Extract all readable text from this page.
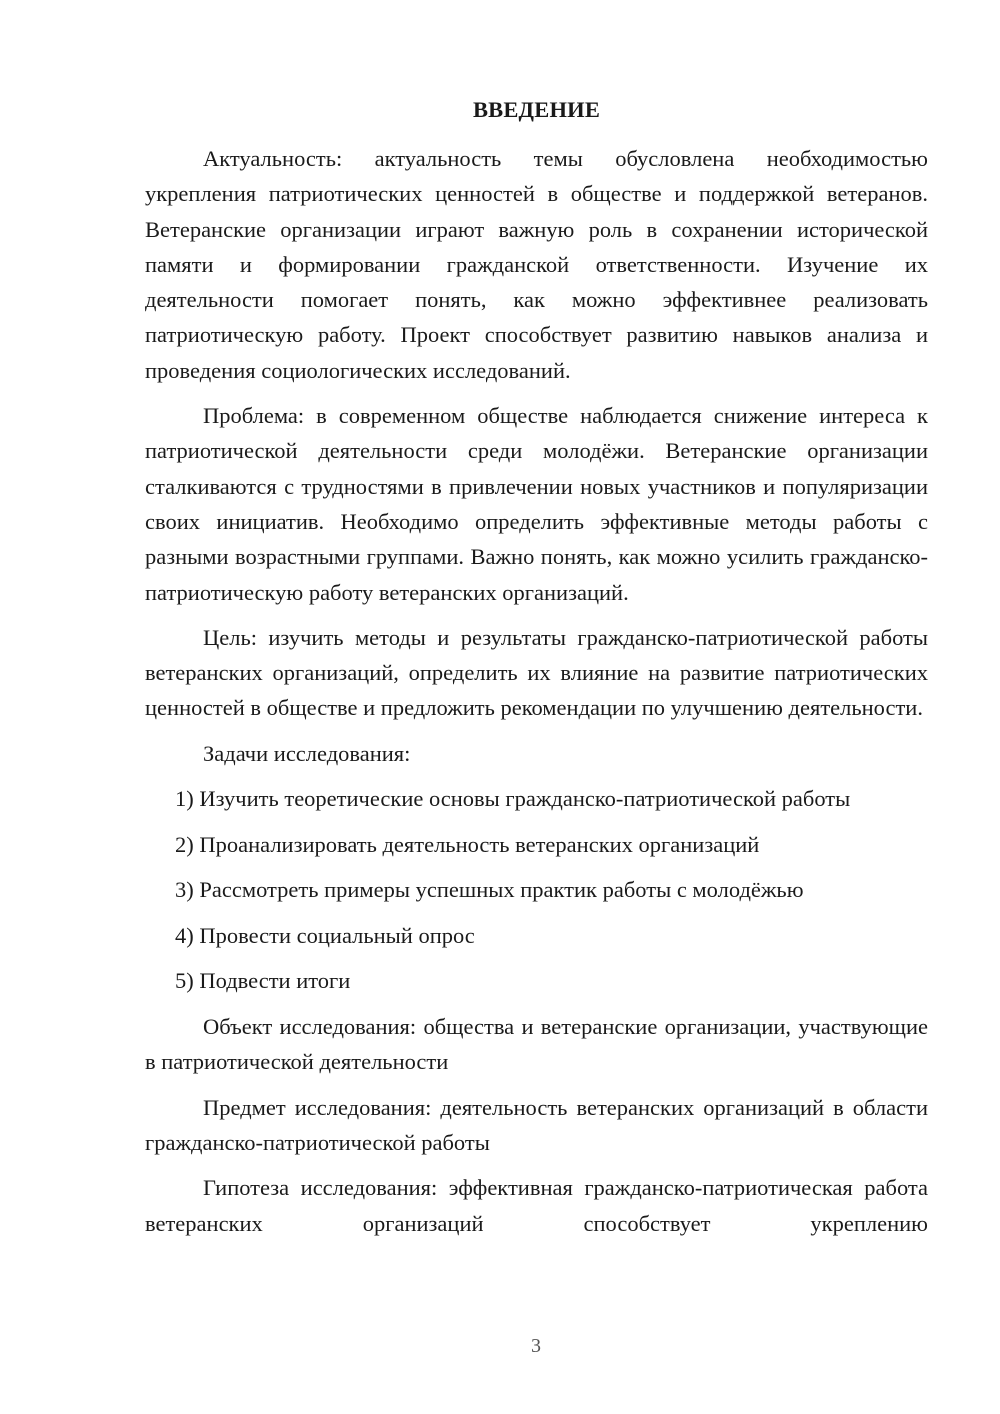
ВВЕДЕНИЕ

Актуальность: актуальность темы обусловлена необходимостью укрепления патриотических ценностей в обществе и поддержкой ветеранов. Ветеранские организации играют важную роль в сохранении исторической памяти и формировании гражданской ответственности. Изучение их деятельности помогает понять, как можно эффективнее реализовать патриотическую работу. Проект способствует развитию навыков анализа и проведения социологических исследований.

Проблема: в современном обществе наблюдается снижение интереса к патриотической деятельности среди молодёжи. Ветеранские организации сталкиваются с трудностями в привлечении новых участников и популяризации своих инициатив. Необходимо определить эффективные методы работы с разными возрастными группами. Важно понять, как можно усилить гражданско-патриотическую работу ветеранских организаций.

Цель: изучить методы и результаты гражданско-патриотической работы ветеранских организаций, определить их влияние на развитие патриотических ценностей в обществе и предложить рекомендации по улучшению деятельности.

Задачи исследования:

1) Изучить теоретические основы гражданско-патриотической работы
2) Проанализировать деятельность ветеранских организаций
3) Рассмотреть примеры успешных практик работы с молодёжью
4) Провести социальный опрос
5) Подвести итоги

Объект исследования: общества и ветеранские организации, участвующие в патриотической деятельности

Предмет исследования: деятельность ветеранских организаций в области гражданско-патриотической работы

Гипотеза исследования: эффективная гражданско-патриотическая работа ветеранских организаций способствует укреплению

3
